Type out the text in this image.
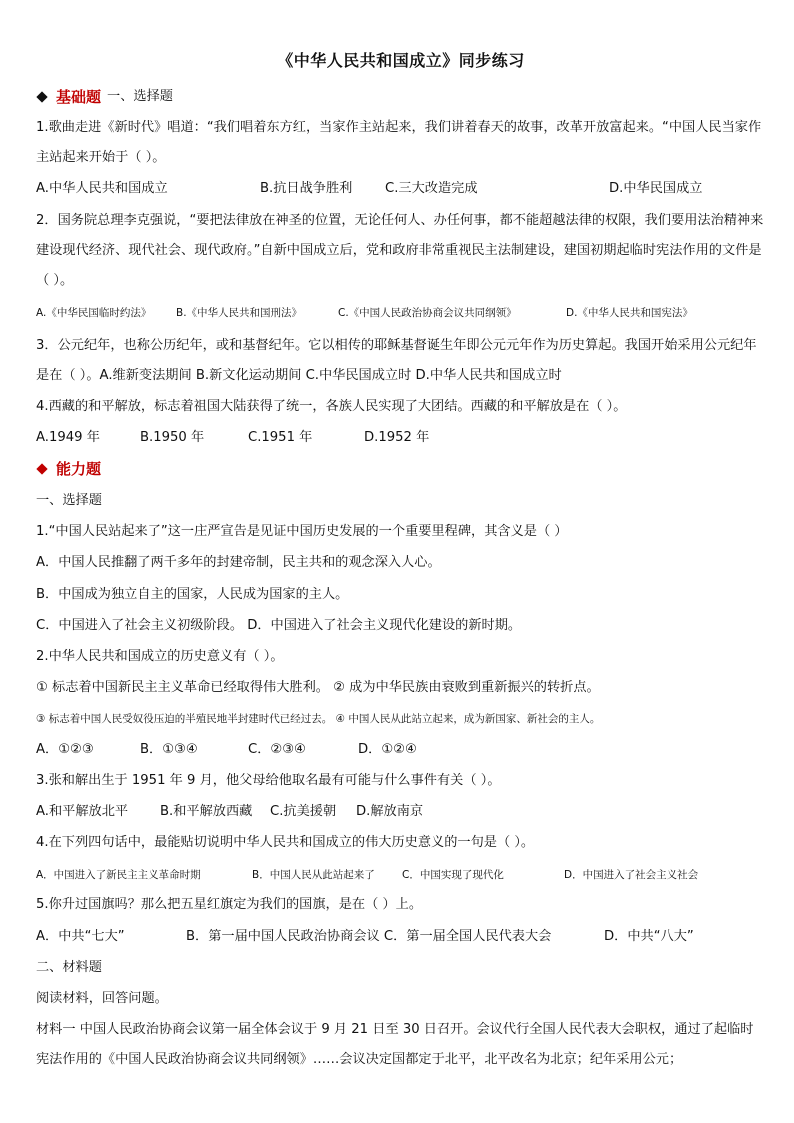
《中华人民共和国成立》同步练习
基础题 一、选择题
1.歌曲走进《新时代》唱道：“我们唱着东方红，当家作主站起来，我们讲着春天的故事，改革开放富起来。“中国人民当家作主站起来开始于（ ）。
A.中华人民共和国成立	B.抗日战争胜利 C.三大改造完成	D.中华民国成立
2．国务院总理李克强说，“要把法律放在神圣的位置，无论任何人、办任何事，都不能超越法律的权限，我们要用法治精神来建设现代经济、现代社会、现代政府。”自新中国成立后，党和政府非常重视民主法制建设，建国初期起临时宪法作用的文件是（ ）。
A.《中华民国临时约法》 B.《中华人民共和国刑法》	C.《中国人民政治协商会议共同纲领》	D.《中华人民共和国宪法》
3．公元纪年，也称公历纪年，或和基督纪年。它以相传的耶稣基督诞生年即公元元年作为历史算起。我国开始采用公元纪年是在（ ）。A.维新变法期间 B.新文化运动期间 C.中华民国成立时 D.中华人民共和国成立时
4.西藏的和平解放，标志着祖国大陆获得了统一，各族人民实现了大团结。西藏的和平解放是在（ ）。
A.1949 年	B.1950 年	C.1951 年	D.1952 年
能力题
一、选择题
1.“中国人民站起来了”这一庄严宣告是见证中国历史发展的一个重要里程碑，其含义是（ ）
A．中国人民推翻了两千多年的封建帝制，民主共和的观念深入人心。
B．中国成为独立自主的国家，人民成为国家的主人。
C．中国进入了社会主义初级阶段。 D．中国进入了社会主义现代化建设的新时期。
2.中华人民共和国成立的历史意义有（ ）。
① 标志着中国新民主主义革命已经取得伟大胜利。 ② 成为中华民族由衰败到重新振兴的转折点。
③ 标志着中国人民受奴役压迫的半殖民地半封建时代已经过去。 ④ 中国人民从此站立起来，成为新国家、新社会的主人。
A．①②③	B．①③④	C．②③④	D．①②④
3.张和解出生于 1951 年 9 月，他父母给他取名最有可能与什么事件有关（ ）。
A.和平解放北平 B.和平解放西藏 C.抗美援朝 D.解放南京
4.在下列四句话中，最能贴切说明中华人民共和国成立的伟大历史意义的一句是（ ）。
A．中国进入了新民主主义革命时期	B．中国人民从此站起来了	C．中国实现了现代化	D．中国进入了社会主义社会
5.你升过国旗吗？那么把五星红旗定为我们的国旗，是在（ ）上。
A．中共“七大”	B．第一届中国人民政治协商会议 C．第一届全国人民代表大会	D．中共“八大”
二、材料题
阅读材料，回答问题。
材料一 中国人民政治协商会议第一届全体会议于 9 月 21 日至 30 日召开。会议代行全国人民代表大会职权，通过了起临时宪法作用的《中国人民政治协商会议共同纲领》……会议决定国都定于北平，北平改名为北京；纪年采用公元；
